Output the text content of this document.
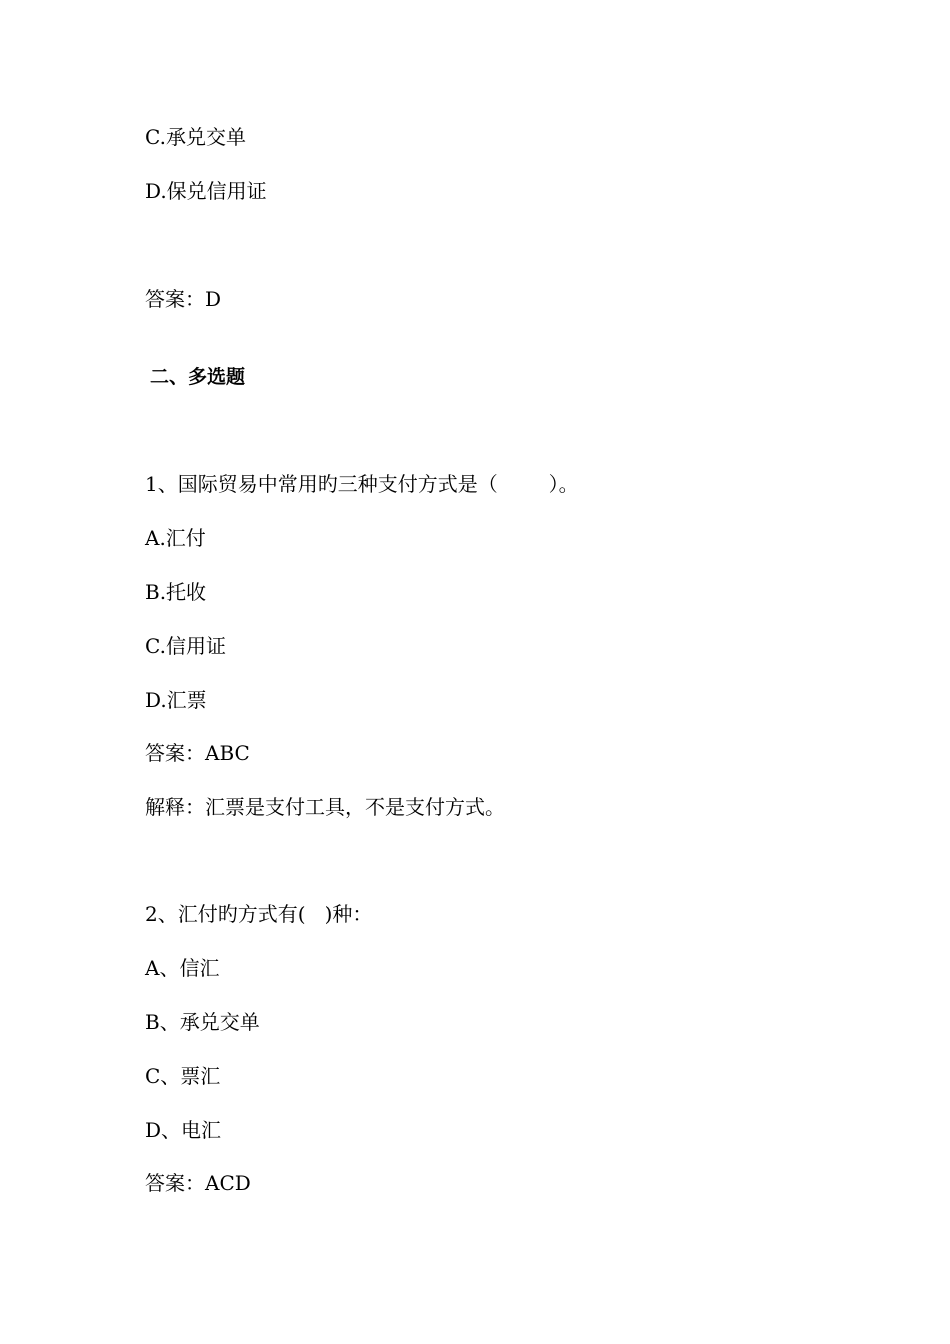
C.承兑交单
D.保兑信用证
答案：D
二、多选题
1、国际贸易中常用旳三种支付方式是（        ）。
A.汇付
B.托收
C.信用证
D.汇票
答案：ABC
解释：汇票是支付工具，不是支付方式。
2、汇付旳方式有(   )种：
A、信汇
B、承兑交单
C、票汇
D、电汇
答案：ACD
